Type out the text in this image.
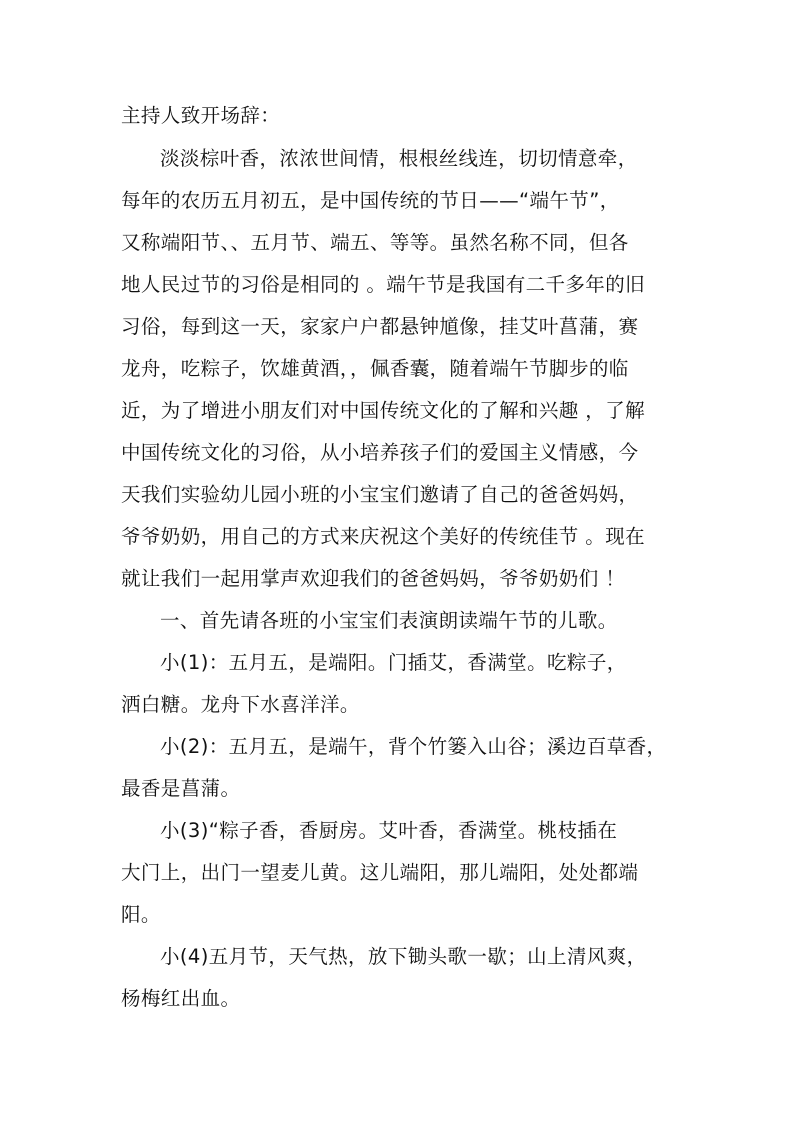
主持人致开场辞：
淡淡棕叶香，浓浓世间情，根根丝线连，切切情意牵，
每年的农历五月初五，是中国传统的节日——“端午节”，
又称端阳节、、五月节、端五、等等。虽然名称不同，但各
地人民过节的习俗是相同的 。端午节是我国有二千多年的旧
习俗，每到这一天，家家户户都悬钟馗像，挂艾叶菖蒲，赛
龙舟，吃粽子，饮雄黄酒，，佩香囊，随着端午节脚步的临
近，为了增进小朋友们对中国传统文化的了解和兴趣 ，了解
中国传统文化的习俗，从小培养孩子们的爱国主义情感，今
天我们实验幼儿园小班的小宝宝们邀请了自己的爸爸妈妈，
爷爷奶奶，用自己的方式来庆祝这个美好的传统佳节 。现在
就让我们一起用掌声欢迎我们的爸爸妈妈，爷爷奶奶们 ！
一、首先请各班的小宝宝们表演朗读端午节的儿歌。
小(1)：五月五，是端阳。门插艾，香满堂。吃粽子，
洒白糖。龙舟下水喜洋洋。
小(2)：五月五，是端午，背个竹篓入山谷；溪边百草香，
最香是菖蒲。
小(3)“粽子香，香厨房。艾叶香，香满堂。桃枝插在
大门上，出门一望麦儿黄。这儿端阳，那儿端阳，处处都端
阳。
小(4)五月节，天气热，放下锄头歌一歇；山上清风爽，
杨梅红出血。
